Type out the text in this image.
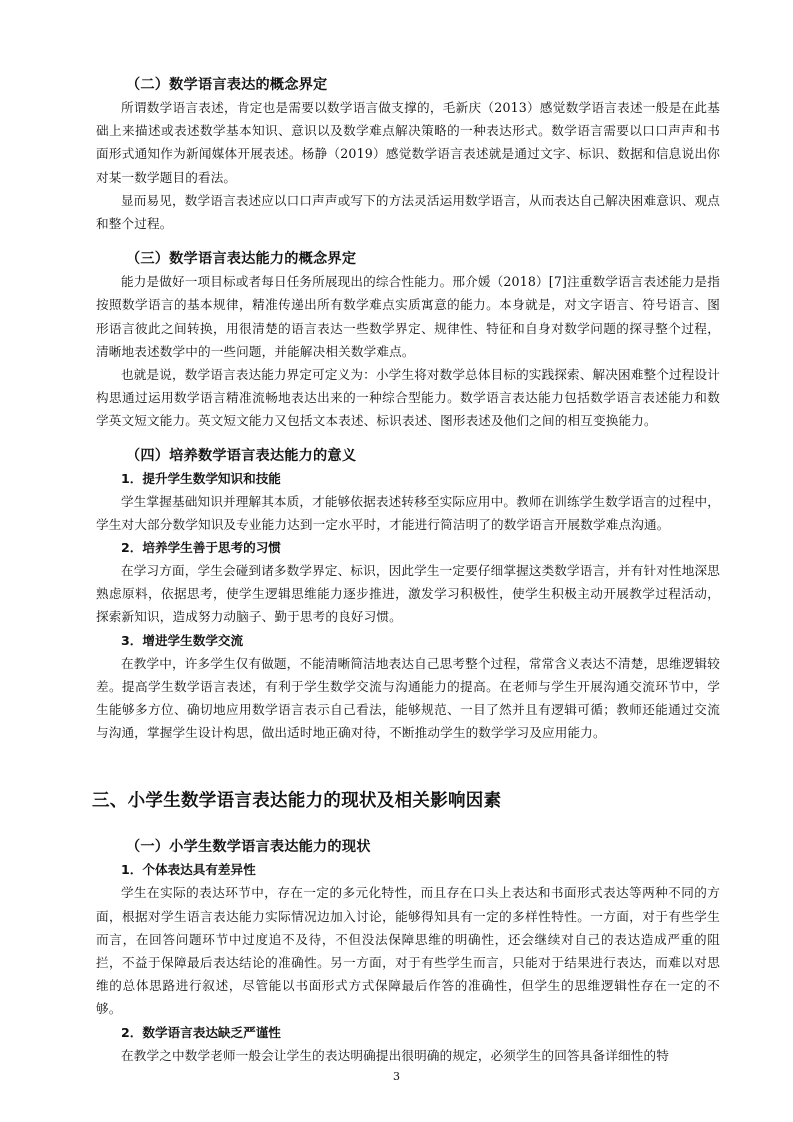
（二）数学语言表达的概念界定

所谓数学语言表述，肯定也是需要以数学语言做支撑的，毛新庆（2013）感觉数学语言表述一般是在此基础上来描述或表述数学基本知识、意识以及数学难点解决策略的一种表达形式。数学语言需要以口口声声和书面形式通知作为新闻媒体开展表述。杨静（2019）感觉数学语言表述就是通过文字、标识、数据和信息说出你对某一数学题目的看法。

显而易见，数学语言表述应以口口声声或写下的方法灵活运用数学语言，从而表达自己解决困难意识、观点和整个过程。

（三）数学语言表达能力的概念界定

能力是做好一项目标或者每日任务所展现出的综合性能力。邢介媛（2018）[7]注重数学语言表述能力是指按照数学语言的基本规律，精准传递出所有数学难点实质寓意的能力。本身就是，对文字语言、符号语言、图形语言彼此之间转换，用很清楚的语言表达一些数学界定、规律性、特征和自身对数学问题的探寻整个过程，清晰地表述数学中的一些问题，并能解决相关数学难点。

也就是说，数学语言表达能力界定可定义为：小学生将对数学总体目标的实践探索、解决困难整个过程设计构思通过运用数学语言精准流畅地表达出来的一种综合型能力。数学语言表达能力包括数学语言表述能力和数学英文短文能力。英文短文能力又包括文本表述、标识表述、图形表述及他们之间的相互变换能力。

（四）培养数学语言表达能力的意义
1．提升学生数学知识和技能

学生掌握基础知识并理解其本质，才能够依据表述转移至实际应用中。教师在训练学生数学语言的过程中，学生对大部分数学知识及专业能力达到一定水平时，才能进行简洁明了的数学语言开展数学难点沟通。

2．培养学生善于思考的习惯

在学习方面，学生会碰到诸多数学界定、标识，因此学生一定要仔细掌握这类数学语言，并有针对性地深思熟虑原料，依据思考，使学生逻辑思维能力逐步推进，激发学习积极性，使学生积极主动开展教学过程活动，探索新知识，造成努力动脑子、勤于思考的良好习惯。

3．增进学生数学交流

在教学中，许多学生仅有做题，不能清晰简洁地表达自己思考整个过程，常常含义表达不清楚，思维逻辑较差。提高学生数学语言表述，有利于学生数学交流与沟通能力的提高。在老师与学生开展沟通交流环节中，学生能够多方位、确切地应用数学语言表示自己看法，能够规范、一目了然并且有逻辑可循；教师还能通过交流与沟通，掌握学生设计构思，做出适时地正确对待，不断推动学生的数学学习及应用能力。

三、小学生数学语言表达能力的现状及相关影响因素
（一）小学生数学语言表达能力的现状
1．个体表达具有差异性

学生在实际的表达环节中，存在一定的多元化特性，而且存在口头上表达和书面形式表达等两种不同的方面，根据对学生语言表达能力实际情况边加入讨论，能够得知具有一定的多样性特性。一方面，对于有些学生而言，在回答问题环节中过度追不及待，不但没法保障思维的明确性，还会继续对自己的表达造成严重的阻拦，不益于保障最后表达结论的准确性。另一方面，对于有些学生而言，只能对于结果进行表达，而难以对思维的总体思路进行叙述，尽管能以书面形式方式保障最后作答的准确性，但学生的思维逻辑性存在一定的不够。

2．数学语言表达缺乏严谨性

在教学之中数学老师一般会让学生的表达明确提出很明确的规定，必须学生的回答具备详细性的特

3
